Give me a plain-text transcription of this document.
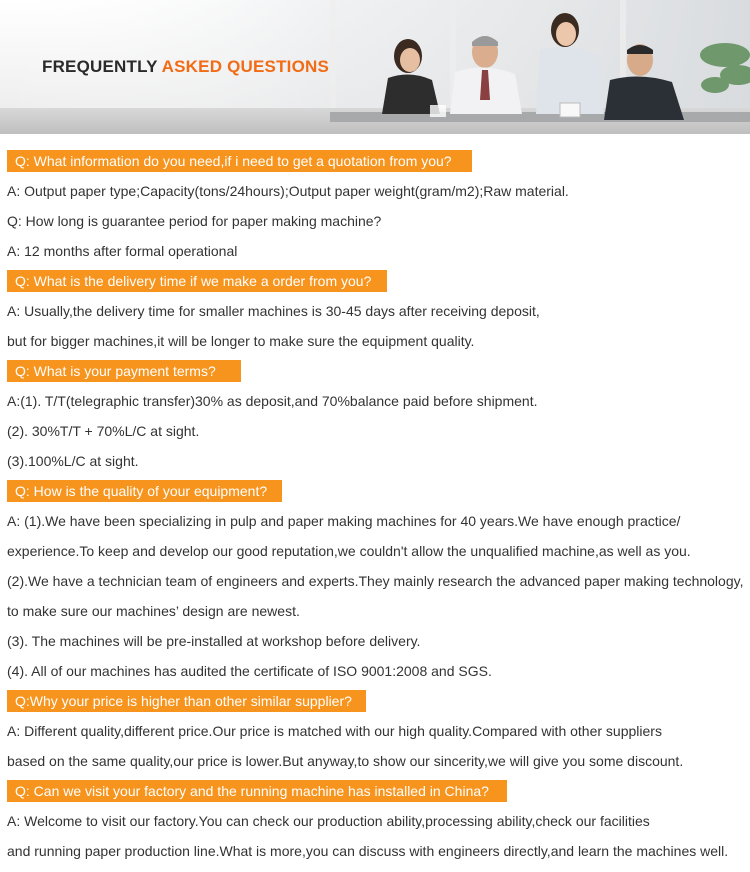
FREQUENTLY ASKED QUESTIONS
Q: What information do you need,if i need to get a quotation from you?
A: Output paper type;Capacity(tons/24hours);Output paper weight(gram/m2);Raw material.
Q: How long is guarantee period for paper making machine?
A: 12 months after formal operational
Q: What is the delivery time if we make a order from you?
A: Usually,the delivery time for smaller machines is 30-45 days after receiving deposit,
but for bigger machines,it will be longer to make sure the equipment quality.
Q: What is your payment terms?
A:(1). T/T(telegraphic transfer)30% as deposit,and 70%balance paid before shipment.
(2). 30%T/T + 70%L/C at sight.
(3).100%L/C at sight.
Q: How is the quality of your equipment?
A: (1).We have been specializing in pulp and paper making machines for 40 years.We have enough practice/
experience.To keep and develop our good reputation,we couldn't allow the unqualified machine,as well as you.
(2).We have a technician team of engineers and experts.They mainly research the advanced paper making technology,
to make sure our machines’ design are newest.
(3). The machines will be pre-installed at workshop before delivery.
(4). All of our machines has audited the certificate of ISO 9001:2008 and SGS.
Q:Why your price is higher than other similar supplier?
A: Different quality,different price.Our price is matched with our high quality.Compared with other suppliers
based on the same quality,our price is lower.But anyway,to show our sincerity,we will give you some discount.
Q: Can we visit your factory and the running machine has installed in China?
A: Welcome to visit our factory.You can check our production ability,processing ability,check our facilities
and running paper production line.What is more,you can discuss with engineers directly,and learn the machines well.
